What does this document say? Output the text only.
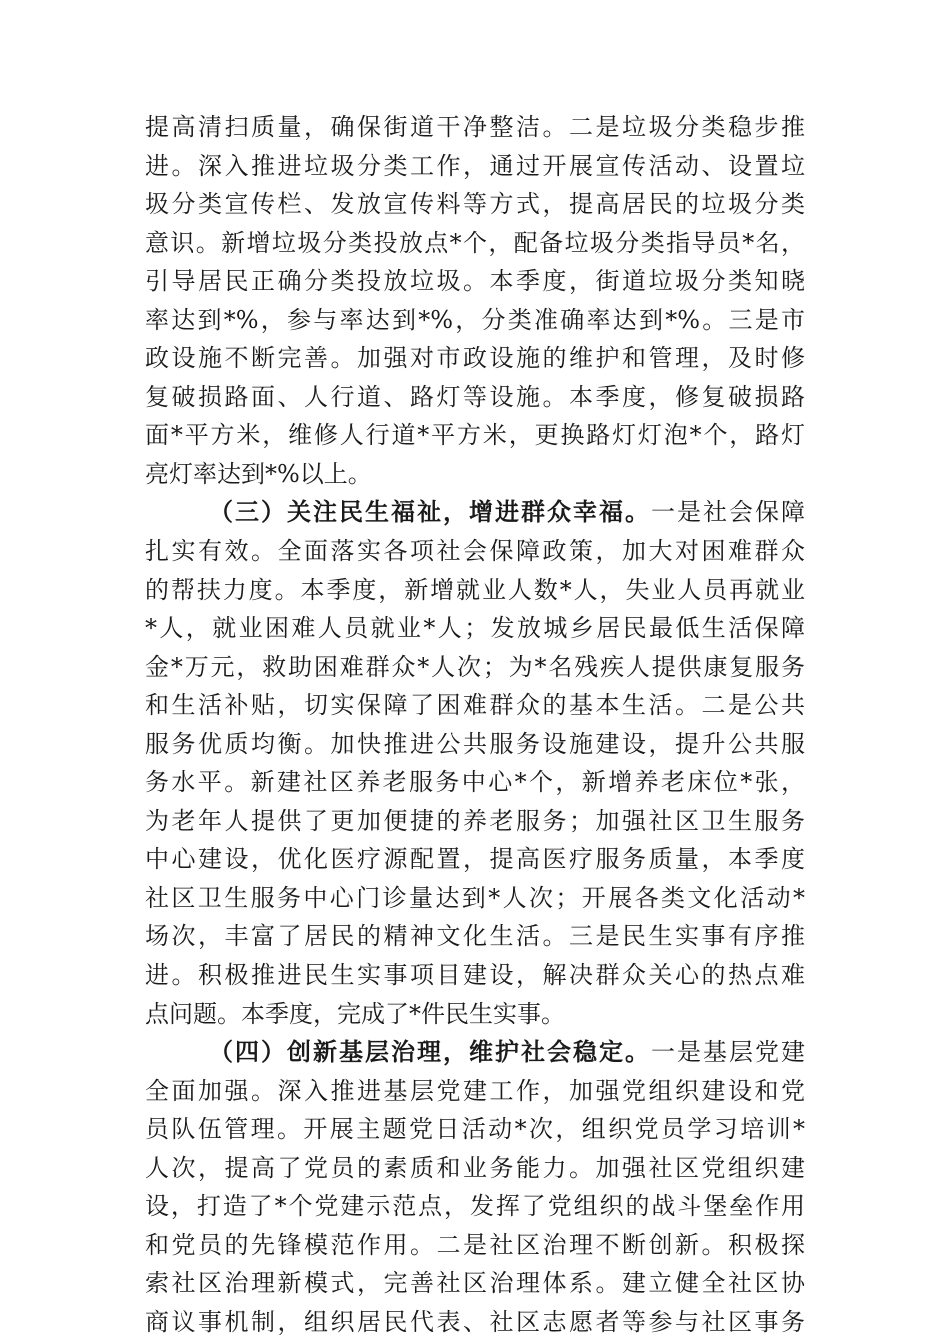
提高清扫质量，确保街道干净整洁。二是垃圾分类稳步推
进。深入推进垃圾分类工作，通过开展宣传活动、设置垃
圾分类宣传栏、发放宣传料等方式，提高居民的垃圾分类
意识。新增垃圾分类投放点*个，配备垃圾分类指导员*名，
引导居民正确分类投放垃圾。本季度，街道垃圾分类知晓
率达到*%，参与率达到*%，分类准确率达到*%。三是市
政设施不断完善。加强对市政设施的维护和管理，及时修
复破损路面、人行道、路灯等设施。本季度，修复破损路
面*平方米，维修人行道*平方米，更换路灯灯泡*个，路灯
亮灯率达到*%以上。
（三）关注民生福祉，增进群众幸福。一是社会保障
扎实有效。全面落实各项社会保障政策，加大对困难群众
的帮扶力度。本季度，新增就业人数*人，失业人员再就业
*人，就业困难人员就业*人；发放城乡居民最低生活保障
金*万元，救助困难群众*人次；为*名残疾人提供康复服务
和生活补贴，切实保障了困难群众的基本生活。二是公共
服务优质均衡。加快推进公共服务设施建设，提升公共服
务水平。新建社区养老服务中心*个，新增养老床位*张，
为老年人提供了更加便捷的养老服务；加强社区卫生服务
中心建设，优化医疗源配置，提高医疗服务质量，本季度
社区卫生服务中心门诊量达到*人次；开展各类文化活动*
场次，丰富了居民的精神文化生活。三是民生实事有序推
进。积极推进民生实事项目建设，解决群众关心的热点难
点问题。本季度，完成了*件民生实事。
（四）创新基层治理，维护社会稳定。一是基层党建
全面加强。深入推进基层党建工作，加强党组织建设和党
员队伍管理。开展主题党日活动*次，组织党员学习培训*
人次，提高了党员的素质和业务能力。加强社区党组织建
设，打造了*个党建示范点，发挥了党组织的战斗堡垒作用
和党员的先锋模范作用。二是社区治理不断创新。积极探
索社区治理新模式，完善社区治理体系。建立健全社区协
商议事机制，组织居民代表、社区志愿者等参与社区事务
